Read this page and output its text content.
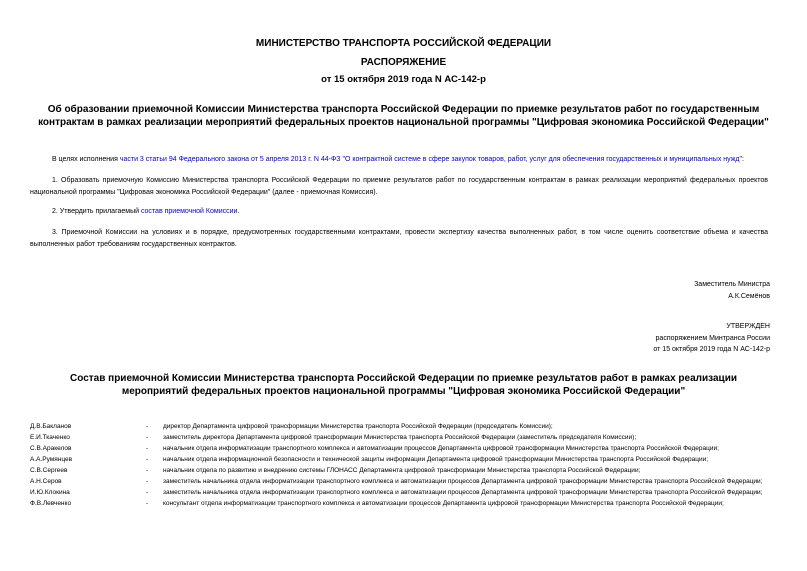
МИНИСТЕРСТВО ТРАНСПОРТА РОССИЙСКОЙ ФЕДЕРАЦИИ
РАСПОРЯЖЕНИЕ
от 15 октября 2019 года N АС-142-р
Об образовании приемочной Комиссии Министерства транспорта Российской Федерации по приемке результатов работ по государственным контрактам в рамках реализации мероприятий федеральных проектов национальной программы "Цифровая экономика Российской Федерации"
В целях исполнения части 3 статьи 94 Федерального закона от 5 апреля 2013 г. N 44-ФЗ "О контрактной системе в сфере закупок товаров, работ, услуг для обеспечения государственных и муниципальных нужд":
1. Образовать приемочную Комиссию Министерства транспорта Российской Федерации по приемке результатов работ по государственным контрактам в рамках реализации мероприятий федеральных проектов национальной программы "Цифровая экономика Российской Федерации" (далее - приемочная Комиссия).
2. Утвердить прилагаемый состав приемочной Комиссии.
3. Приемочной Комиссии на условиях и в порядке, предусмотренных государственными контрактами, провести экспертизу качества выполненных работ, в том числе оценить соответствие объема и качества выполненных работ требованиям государственных контрактов.
Заместитель Министра
А.К.Семёнов
УТВЕРЖДЕН
распоряжением Минтранса России
от 15 октября 2019 года N АС-142-р
Состав приемочной Комиссии Министерства транспорта Российской Федерации по приемке результатов работ в рамках реализации мероприятий федеральных проектов национальной программы "Цифровая экономика Российской Федерации"
Д.В.Бакланов	-	директор Департамента цифровой трансформации Министерства транспорта Российской Федерации (председатель Комиссии);
Е.И.Ткаченко	-	заместитель директора Департамента цифровой трансформации Министерства транспорта Российской Федерации (заместитель председателя Комиссии);
С.В.Аракелов	-	начальник отдела информатизации транспортного комплекса и автоматизации процессов Департамента цифровой трансформации Министерства транспорта Российской Федерации;
А.А.Румянцев	-	начальник отдела информационной безопасности и технической защиты информации Департамента цифровой трансформации Министерства транспорта Российской Федерации;
С.В.Сергеев	-	начальник отдела по развитию и внедрению системы ГЛОНАСС Департамента цифровой трансформации Министерства транспорта Российской Федерации;
А.Н.Серов	-	заместитель начальника отдела информатизации транспортного комплекса и автоматизации процессов Департамента цифровой трансформации Министерства транспорта Российской Федерации;
И.Ю.Клокина	-	заместитель начальника отдела информатизации транспортного комплекса и автоматизации процессов Департамента цифровой трансформации Министерства транспорта Российской Федерации;
Ф.В.Левченко	-	консультант отдела информатизации транспортного комплекса и автоматизации процессов Департамента цифровой трансформации Министерства транспорта Российской Федерации;
